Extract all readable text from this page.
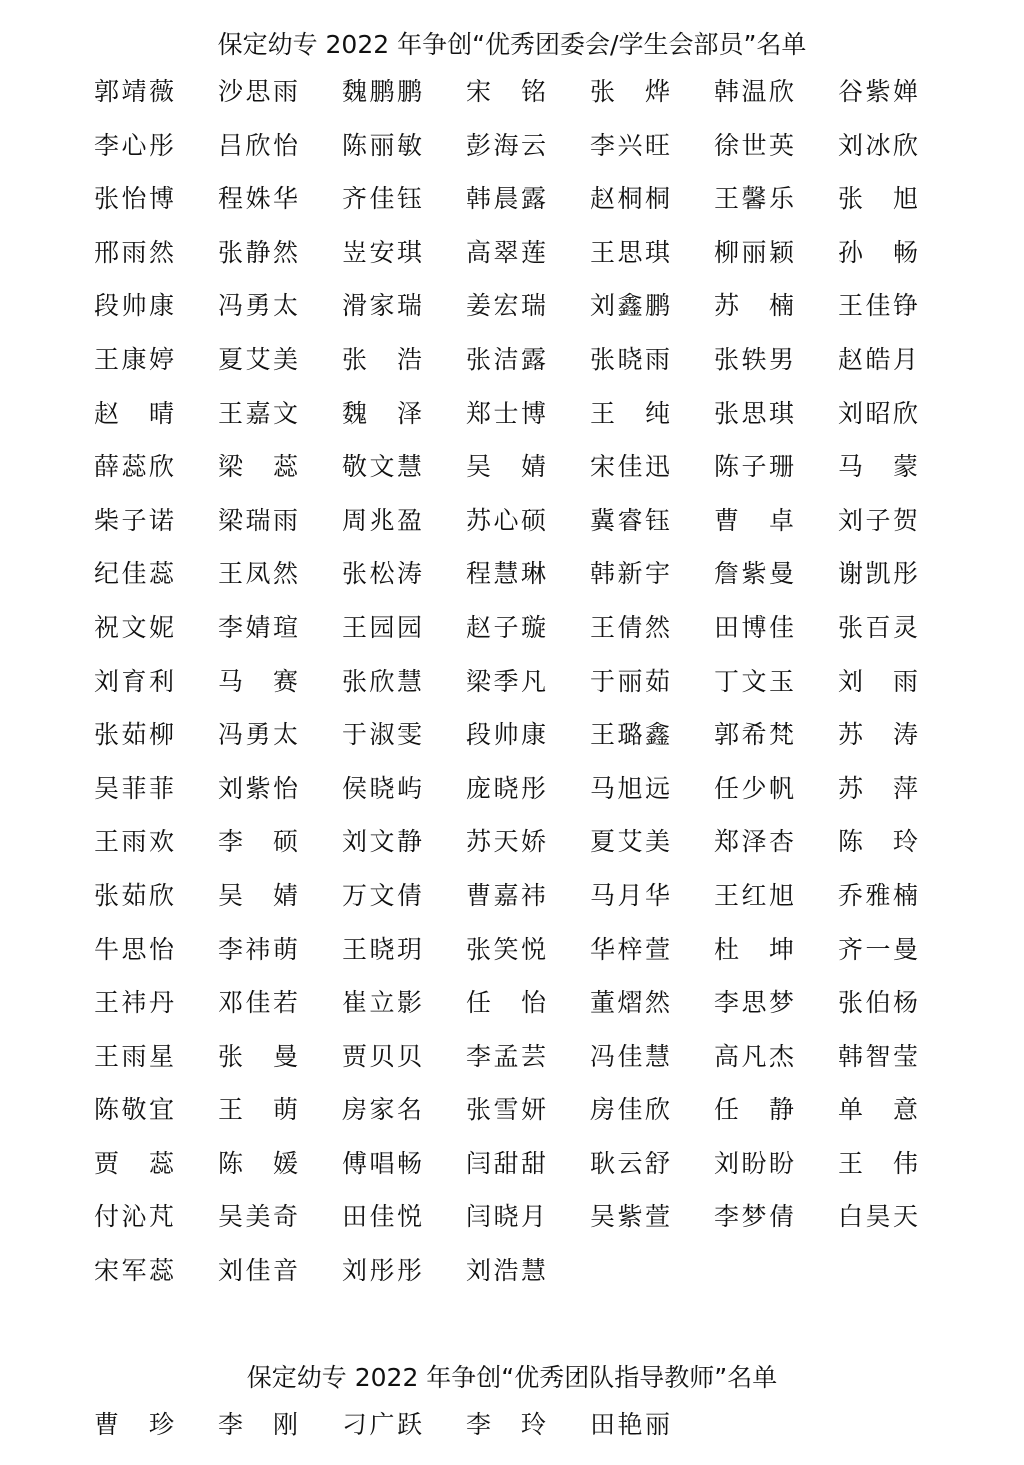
保定幼专 2022 年争创“优秀团委会/学生会部员”名单
郭靖薇 沙思雨 魏鹏鹏 宋 铭 张 烨 韩温欣 谷紫婵
李心彤 吕欣怡 陈丽敏 彭海云 李兴旺 徐世英 刘冰欣
张怡博 程姝华 齐佳钰 韩晨露 赵桐桐 王馨乐 张 旭
邢雨然 张静然 岦安琪 高翠莲 王思琪 柳丽颖 孙 畅
段帅康 冯勇太 滑家瑞 姜宏瑞 刘鑫鹏 苏 楠 王佳铮
王康婷 夏艾美 张 浩 张洁露 张晓雨 张轶男 赵皓月
赵 晴 王嘉文 魏 泽 郑士博 王 纯 张思琪 刘昭欣
薛蕊欣 梁 蕊 敬文慧 吴 婧 宋佳迅 陈子珊 马 蒙
柴子诺 梁瑞雨 周兆盈 苏心硕 冀睿钰 曹 卓 刘子贺
纪佳蕊 王凤然 张松涛 程慧琳 韩新宇 詹紫曼 谢凯彤
祝文妮 李婧瑄 王园园 赵子璇 王倩然 田博佳 张百灵
刘育利 马 赛 张欣慧 梁季凡 于丽茹 丁文玉 刘 雨
张茹柳 冯勇太 于淑雯 段帅康 王璐鑫 郭希梵 苏 涛
吴菲菲 刘紫怡 侯晓屿 庞晓彤 马旭远 任少帆 苏 萍
王雨欢 李 硕 刘文静 苏天娇 夏艾美 郑泽杏 陈 玲
张茹欣 吴 婧 万文倩 曹嘉祎 马月华 王红旭 乔雅楠
牛思怡 李祎萌 王晓玥 张笑悦 华梓萱 杜 坤 齐一曼
王祎丹 邓佳若 崔立影 任 怡 董熠然 李思梦 张伯杨
王雨星 张 曼 贾贝贝 李孟芸 冯佳慧 高凡杰 韩智莹
陈敬宜 王 萌 房家名 张雪妍 房佳欣 任 静 单 意
贾 蕊 陈 媛 傅唱畅 闫甜甜 耿云舒 刘盼盼 王 伟
付沁芃 吴美奇 田佳悦 闫晓月 吴紫萱 李梦倩 白昊天
宋军蕊 刘佳音 刘彤彤 刘浩慧
保定幼专 2022 年争创“优秀团队指导教师”名单
曹 珍 李 刚 刁广跃 李 玲 田艳丽
